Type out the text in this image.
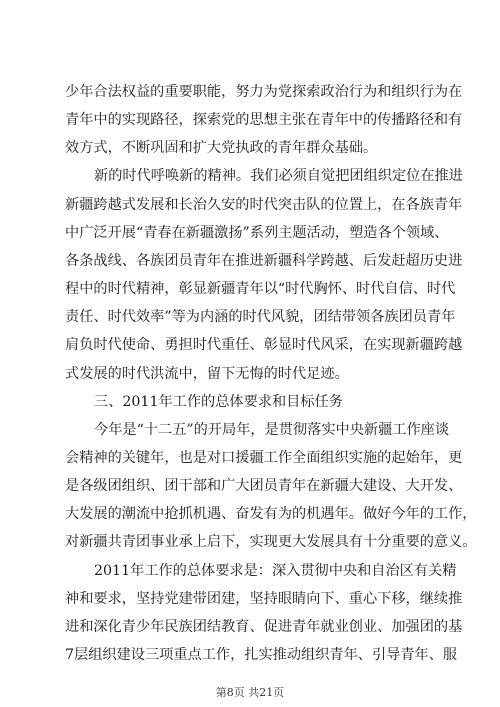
少年合法权益的重要职能，努力为党探索政治行为和组织行为在
青年中的实现路径，探索党的思想主张在青年中的传播路径和有
效方式，不断巩固和扩大党执政的青年群众基础。
新的时代呼唤新的精神。我们必须自觉把团组织定位在推进
新疆跨越式发展和长治久安的时代突击队的位置上，在各族青年
中广泛开展“青春在新疆激扬”系列主题活动，塑造各个领域、
各条战线、各族团员青年在推进新疆科学跨越、后发赶超历史进
程中的时代精神，彰显新疆青年以“时代胸怀、时代自信、时代
责任、时代效率”等为内涵的时代风貌，团结带领各族团员青年
肩负时代使命、勇担时代重任、彰显时代风采，在实现新疆跨越
式发展的时代洪流中，留下无悔的时代足迹。
三、2011年工作的总体要求和目标任务
今年是“十二五”的开局年，是贯彻落实中央新疆工作座谈
会精神的关键年，也是对口援疆工作全面组织实施的起始年，更
是各级团组织、团干部和广大团员青年在新疆大建设、大开发、
大发展的潮流中抢抓机遇、奋发有为的机遇年。做好今年的工作，
对新疆共青团事业承上启下，实现更大发展具有十分重要的意义。
2011年工作的总体要求是：深入贯彻中央和自治区有关精
神和要求，坚持党建带团建，坚持眼睛向下、重心下移，继续推
进和深化青少年民族团结教育、促进青年就业创业、加强团的基
7层组织建设三项重点工作，扎实推动组织青年、引导青年、服
第8页 共21页
